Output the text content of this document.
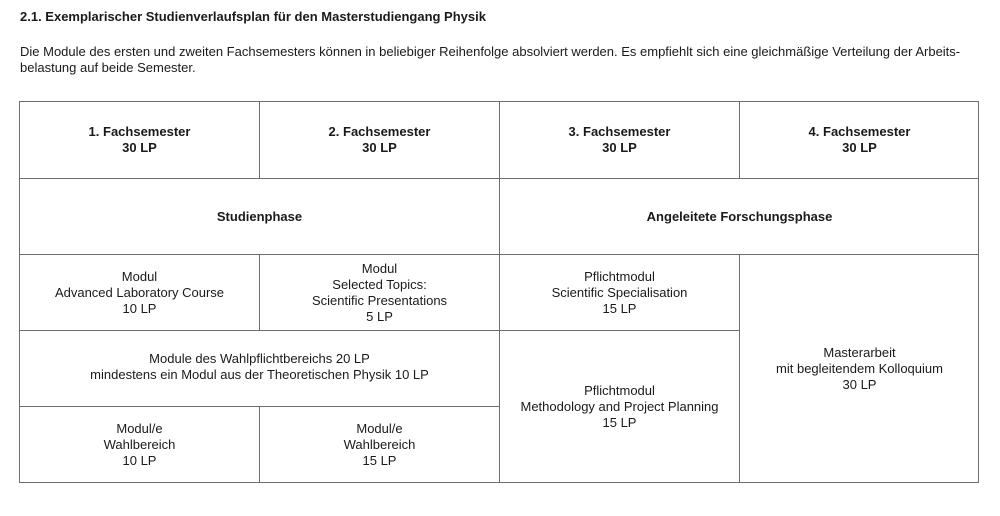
2.1. Exemplarischer Studienverlaufsplan für den Masterstudiengang Physik
Die Module des ersten und zweiten Fachsemesters können in beliebiger Reihenfolge absolviert werden. Es empfiehlt sich eine gleichmäßige Verteilung der Arbeits-
belastung auf beide Semester.
1. Fachsemester
30 LP
2. Fachsemester
30 LP
3. Fachsemester
30 LP
4. Fachsemester
30 LP
Studienphase	Angeleitete Forschungsphase
Modul
Advanced Laboratory Course
10 LP
Modul
Selected Topics:
Scientific Presentations
5 LP
Pflichtmodul
Scientific Specialisation
15 LP
Masterarbeit
mit begleitendem Kolloquium
30 LP
Module des Wahlpflichtbereichs 20 LP
mindestens ein Modul aus der Theoretischen Physik 10 LP
Pflichtmodul
Methodology and Project Planning
15 LP
Modul/e
Wahlbereich
10 LP
Modul/e
Wahlbereich
15 LP
